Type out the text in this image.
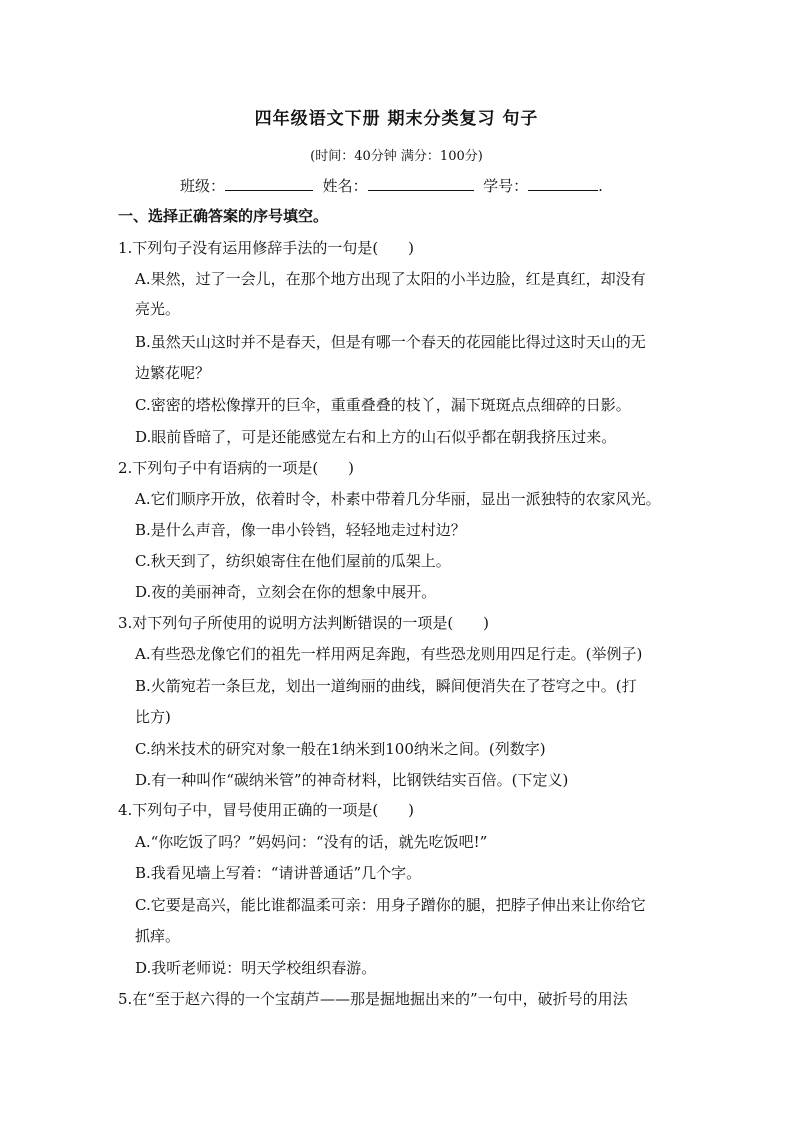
四年级语文下册 期末分类复习 句子
(时间：40分钟 满分：100分)
班级：	姓名：	学号：	.
一、选择正确答案的序号填空。
1.下列句子没有运用修辞手法的一句是( )
A.果然，过了一会儿，在那个地方出现了太阳的小半边脸，红是真红，却没有
亮光。
B.虽然天山这时并不是春天，但是有哪一个春天的花园能比得过这时天山的无
边繁花呢？
C.密密的塔松像撑开的巨伞，重重叠叠的枝丫，漏下斑斑点点细碎的日影。
D.眼前昏暗了，可是还能感觉左右和上方的山石似乎都在朝我挤压过来。
2.下列句子中有语病的一项是( )
A.它们顺序开放，依着时令，朴素中带着几分华丽，显出一派独特的农家风光。
B.是什么声音，像一串小铃铛，轻轻地走过村边？
C.秋天到了，纺织娘寄住在他们屋前的瓜架上。
D.夜的美丽神奇，立刻会在你的想象中展开。
3.对下列句子所使用的说明方法判断错误的一项是( )
A.有些恐龙像它们的祖先一样用两足奔跑，有些恐龙则用四足行走。(举例子)
B.火箭宛若一条巨龙，划出一道绚丽的曲线，瞬间便消失在了苍穹之中。(打
比方)
C.纳米技术的研究对象一般在1纳米到100纳米之间。(列数字)
D.有一种叫作“碳纳米管”的神奇材料，比钢铁结实百倍。(下定义)
4.下列句子中，冒号使用正确的一项是( )
A.“你吃饭了吗？”妈妈问：“没有的话，就先吃饭吧!”
B.我看见墙上写着：“请讲普通话”几个字。
C.它要是高兴，能比谁都温柔可亲：用身子蹭你的腿，把脖子伸出来让你给它
抓痒。
D.我听老师说：明天学校组织春游。
5.在“至于赵六得的一个宝葫芦——那是掘地掘出来的”一句中，破折号的用法
